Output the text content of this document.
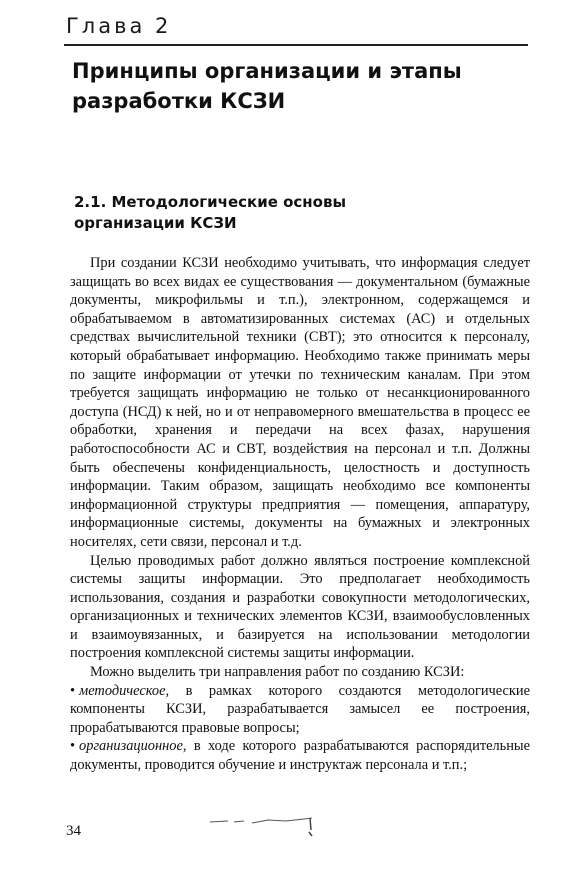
Глава 2
Принципы организации и этапы разработки КСЗИ
2.1. Методологические основы организации КСЗИ

При создании КСЗИ необходимо учитывать, что информация следует защищать во всех видах ее существования — документальном (бумажные документы, микрофильмы и т.п.), электронном, содержащемся и обрабатываемом в автоматизированных системах (АС) и отдельных средствах вычислительной техники (СВТ); это относится к персоналу, который обрабатывает информацию. Необходимо также принимать меры по защите информации от утечки по техническим каналам. При этом требуется защищать информацию не только от несанкционированного доступа (НСД) к ней, но и от неправомерного вмешательства в процесс ее обработки, хранения и передачи на всех фазах, нарушения работоспособности АС и СВТ, воздействия на персонал и т.п. Должны быть обеспечены конфиденциальность, целостность и доступность информации. Таким образом, защищать необходимо все компоненты информационной структуры предприятия — помещения, аппаратуру, информационные системы, документы на бумажных и электронных носителях, сети связи, персонал и т.д.

Целью проводимых работ должно являться построение комплексной системы защиты информации. Это предполагает необходимость использования, создания и разработки совокупности методологических, организационных и технических элементов КСЗИ, взаимообусловленных и взаимоувязанных, и базируется на использовании методологии построения комплексной системы защиты информации.

Можно выделить три направления работ по созданию КСЗИ:

• методическое, в рамках которого создаются методологические компоненты КСЗИ, разрабатывается замысел ее построения, прорабатываются правовые вопросы;

• организационное, в ходе которого разрабатываются распорядительные документы, проводится обучение и инструктаж персонала и т.п.;

34
